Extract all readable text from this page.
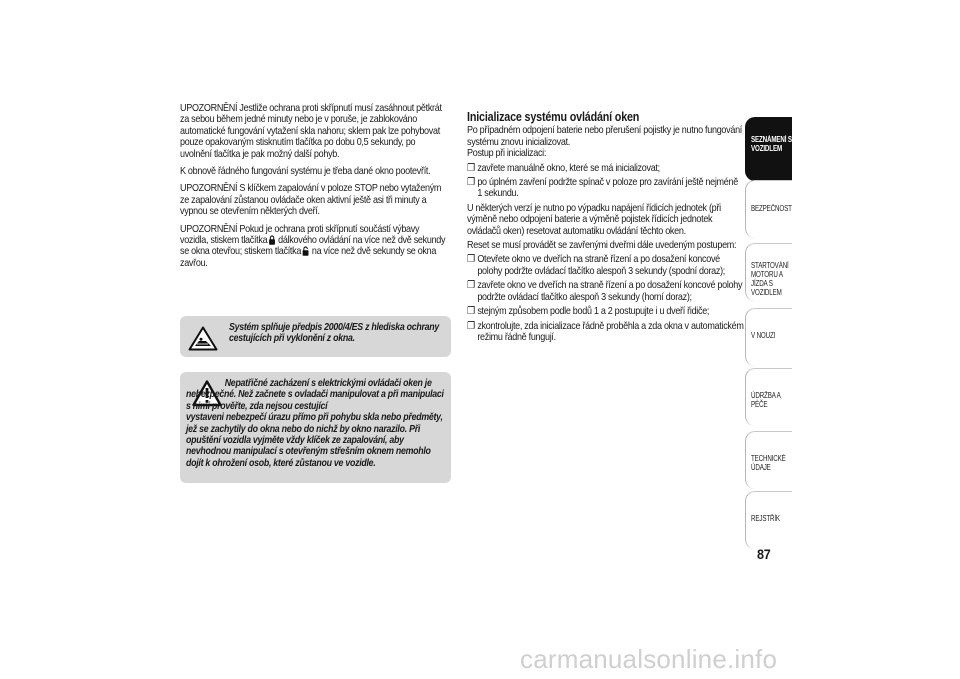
UPOZORNĚNÍ Jestliže ochrana proti skřípnutí musí zasáhnout pětkrát za sebou během jedné minuty nebo je v poruše, je zablokováno automatické fungování vytažení skla nahoru; sklem pak lze pohybovat pouze opakovaným stisknutím tlačítka po dobu 0,5 sekundy, po uvolnění tlačítka je pak možný další pohyb.

K obnově řádného fungování systému je třeba dané okno pootevřít.

UPOZORNĚNÍ S klíčkem zapalování v poloze STOP nebo vytaženým ze zapalování zůstanou ovládače oken aktivní ještě asi tři minuty a vypnou se otevřením některých dveří.

UPOZORNĚNÍ Pokud je ochrana proti skřípnutí součástí výbavy vozidla, stiskem tlačítka dálkového ovládání na více než dvě sekundy se okna otevřou; stiskem tlačítka na více než dvě sekundy se okna zavřou.

Systém splňuje předpis 2000/4/ES z hlediska ochrany cestujících při vyklonění z okna.
Nepatřičné zacházení s elektrickými ovládači oken je nebezpečné. Než začnete s ovladači manipulovat a při manipulaci s nimi prověřte, zda nejsou cestující
vystaveni nebezpečí úrazu přímo při pohybu skla nebo předměty, jež se zachytily do okna nebo do nichž by okno narazilo. Při opuštění vozidla vyjměte vždy klíček ze zapalování, aby nevhodnou manipulací s otevřeným střešním oknem nemohlo dojít k ohrožení osob, které zůstanou ve vozidle.
Inicializace systému ovládání oken

Po případném odpojení baterie nebo přerušení pojistky je nutno fungování systému znovu inicializovat.

Postup při inicializaci:

❐ zavřete manuálně okno, které se má inicializovat;
❐ po úplném zavření podržte spínač v poloze pro zavírání ještě nejméně 1 sekundu.

U některých verzí je nutno po výpadku napájení řídicích jednotek (při výměně nebo odpojení baterie a výměně pojistek řídicích jednotek ovládačů oken) resetovat automatiku ovládání těchto oken.

Reset se musí provádět se zavřenými dveřmi dále uvedeným postupem:

❐ Otevřete okno ve dveřích na straně řízení a po dosažení koncové polohy podržte ovládací tlačítko alespoň 3 sekundy (spodní doraz);
❐ zavřete okno ve dveřích na straně řízení a po dosažení koncové polohy podržte ovládací tlačítko alespoň 3 sekundy (horní doraz);
❐ stejným způsobem podle bodů 1 a 2 postupujte i u dveří řidiče;
❐ zkontrolujte, zda inicializace řádně proběhla a zda okna v automatickém režimu řádně fungují.
SEZNÁMENÍ S VOZIDLEM
BEZPEČNOST
STARTOVÁNÍ MOTORU A JÍZDA S VOZIDLEM
V NOUZI
ÚDRŽBA A PÉČE
TECHNICKÉ ÚDAJE
REJSTŘÍK
87
carmanualsonline.info
